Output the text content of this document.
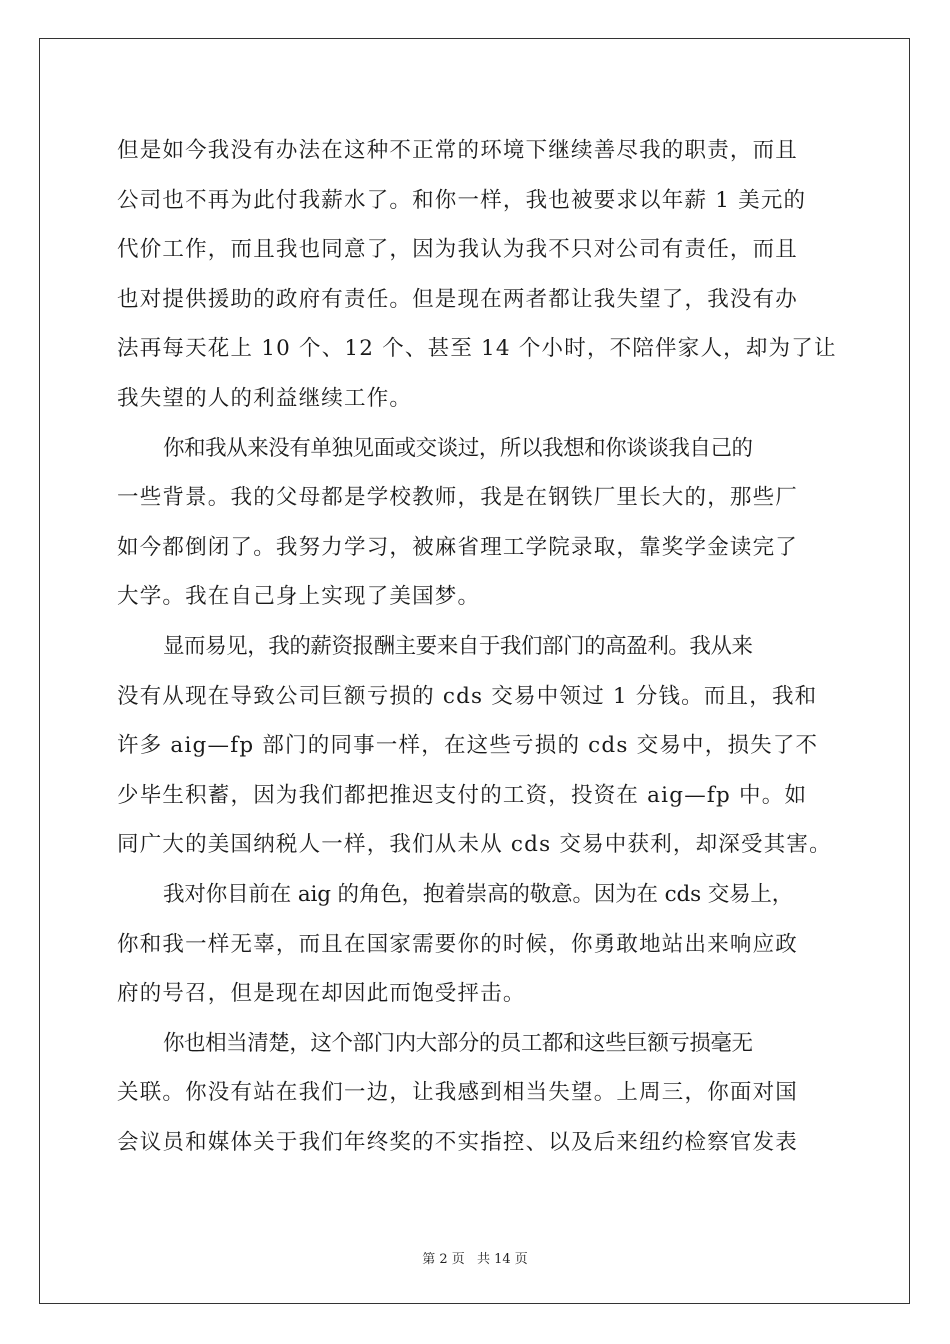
但是如今我没有办法在这种不正常的环境下继续善尽我的职责，而且
公司也不再为此付我薪水了。和你一样，我也被要求以年薪 1 美元的
代价工作，而且我也同意了，因为我认为我不只对公司有责任，而且
也对提供援助的政府有责任。但是现在两者都让我失望了，我没有办
法再每天花上 10 个、12 个、甚至 14 个小时，不陪伴家人，却为了让
我失望的人的利益继续工作。

你和我从来没有单独见面或交谈过，所以我想和你谈谈我自己的
一些背景。我的父母都是学校教师，我是在钢铁厂里长大的，那些厂
如今都倒闭了。我努力学习，被麻省理工学院录取，靠奖学金读完了
大学。我在自己身上实现了美国梦。

显而易见，我的薪资报酬主要来自于我们部门的高盈利。我从来
没有从现在导致公司巨额亏损的 cds 交易中领过 1 分钱。而且，我和
许多 aig—fp 部门的同事一样，在这些亏损的 cds 交易中，损失了不
少毕生积蓄，因为我们都把推迟支付的工资，投资在 aig—fp 中。如
同广大的美国纳税人一样，我们从未从 cds 交易中获利，却深受其害。

我对你目前在 aig 的角色，抱着崇高的敬意。因为在 cds 交易上，
你和我一样无辜，而且在国家需要你的时候，你勇敢地站出来响应政
府的号召，但是现在却因此而饱受抨击。

你也相当清楚，这个部门内大部分的员工都和这些巨额亏损毫无
关联。你没有站在我们一边，让我感到相当失望。上周三，你面对国
会议员和媒体关于我们年终奖的不实指控、以及后来纽约检察官发表

第 2 页 共 14 页
